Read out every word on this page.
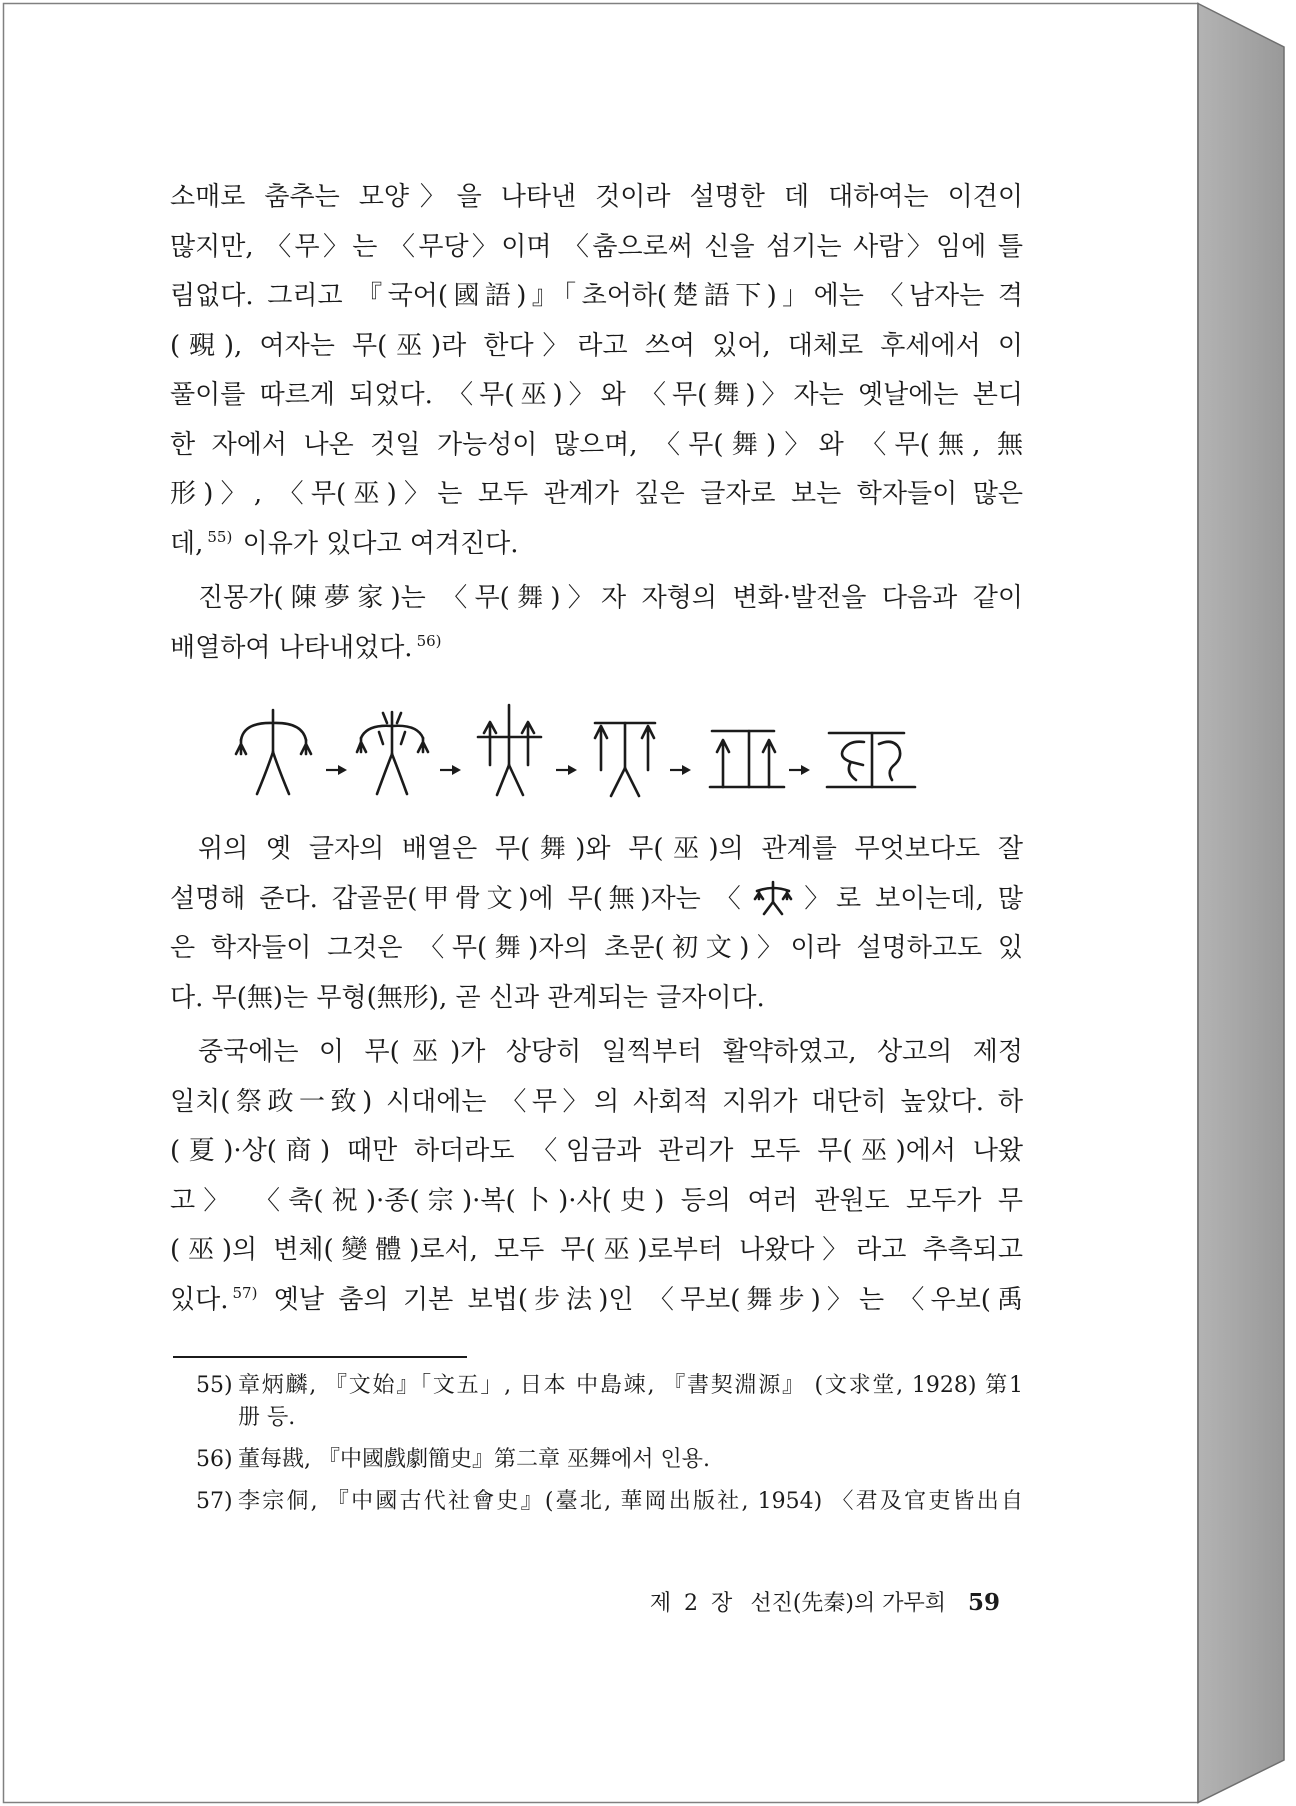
소매로 춤추는 모양〉을 나타낸 것이라 설명한 데 대하여는 이견이
많지만, 〈무〉는 〈무당〉이며 〈춤으로써 신을 섬기는 사람〉임에 틀
림없다. 그리고 『국어(國語)』「초어하(楚語下)」에는 〈남자는 격
(覡), 여자는 무(巫)라 한다〉라고 쓰여 있어, 대체로 후세에서 이
풀이를 따르게 되었다. 〈무(巫)〉와 〈무(舞)〉자는 옛날에는 본디
한 자에서 나온 것일 가능성이 많으며, 〈무(舞)〉와 〈무(無, 無
形)〉, 〈무(巫)〉는 모두 관계가 깊은 글자로 보는 학자들이 많은
데, $^{55)}$ 이유가 있다고 여겨진다.
진몽가(陳夢家)는 〈무(舞)〉자 자형의 변화·발전을 다음과 같이
배열하여 나타내었다. $^{56)}$
위의 옛 글자의 배열은 무(舞)와 무(巫)의 관계를 무엇보다도 잘
설명해 준다. 갑골문(甲骨文)에 무(無)자는 〈 〉로 보이는데, 많
은 학자들이 그것은 〈무(舞)자의 초문(初文)〉이라 설명하고도 있
다. 무(無)는 무형(無形), 곧 신과 관계되는 글자이다.
중국에는 이 무(巫)가 상당히 일찍부터 활약하였고, 상고의 제정
일치(祭政一致) 시대에는 〈무〉의 사회적 지위가 대단히 높았다. 하
(夏)·상(商) 때만 하더라도 〈임금과 관리가 모두 무(巫)에서 나왔
고〉 〈축(祝)·종(宗)·복(卜)·사(史) 등의 여러 관원도 모두가 무
(巫)의 변체(變體)로서, 모두 무(巫)로부터 나왔다〉라고 추측되고
있다. $^{57)}$ 옛날 춤의 기본 보법(步法)인 〈무보(舞步)〉는 〈우보(禹
55) 章炳麟, 『文始』「文五」, 日本 中島竦, 『書契淵源』 (文求堂, 1928) 第1
册 등.
56) 董每戡, 『中國戲劇簡史』第二章 巫舞에서 인용.
57) 李宗侗, 『中國古代社會史』(臺北, 華岡出版社, 1954) 〈君及官吏皆出自
제 2 장 선진(先秦)의 가무희 59
